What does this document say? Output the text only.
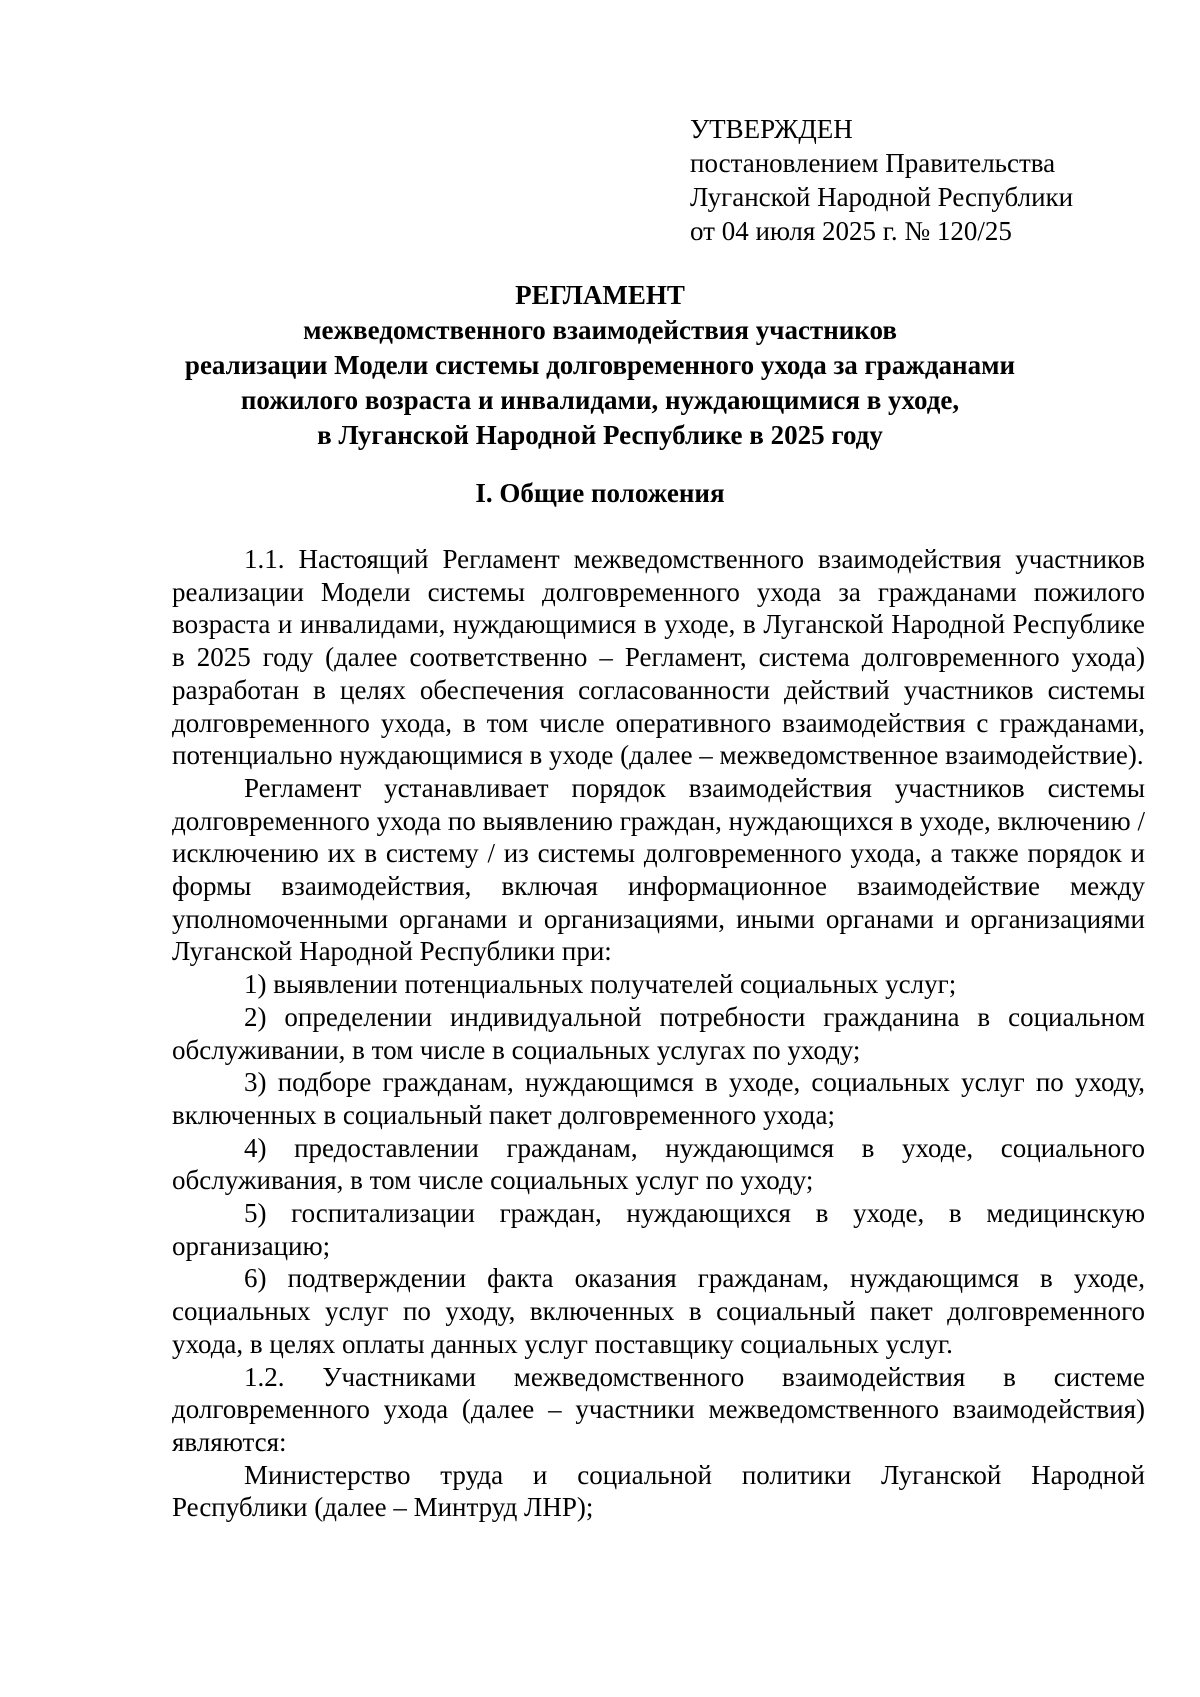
УТВЕРЖДЕН
постановлением Правительства
Луганской Народной Республики
от 04 июля 2025 г. № 120/25
РЕГЛАМЕНТ
межведомственного взаимодействия участников
реализации Модели системы долговременного ухода за гражданами
пожилого возраста и инвалидами, нуждающимися в уходе,
в Луганской Народной Республике в 2025 году
I. Общие положения

1.1. Настоящий Регламент межведомственного взаимодействия участников реализации Модели системы долговременного ухода за гражданами пожилого возраста и инвалидами, нуждающимися в уходе, в Луганской Народной Республике в 2025 году (далее соответственно – Регламент, система долговременного ухода) разработан в целях обеспечения согласованности действий участников системы долговременного ухода, в том числе оперативного взаимодействия с гражданами, потенциально нуждающимися в уходе (далее – межведомственное взаимодействие).

Регламент устанавливает порядок взаимодействия участников системы долговременного ухода по выявлению граждан, нуждающихся в уходе, включению / исключению их в систему / из системы долговременного ухода, а также порядок и формы взаимодействия, включая информационное взаимодействие между уполномоченными органами и организациями, иными органами и организациями Луганской Народной Республики при:

1) выявлении потенциальных получателей социальных услуг;

2) определении индивидуальной потребности гражданина в социальном обслуживании, в том числе в социальных услугах по уходу;

3) подборе гражданам, нуждающимся в уходе, социальных услуг по уходу, включенных в социальный пакет долговременного ухода;

4) предоставлении гражданам, нуждающимся в уходе, социального обслуживания, в том числе социальных услуг по уходу;

5) госпитализации граждан, нуждающихся в уходе, в медицинскую организацию;

6) подтверждении факта оказания гражданам, нуждающимся в уходе, социальных услуг по уходу, включенных в социальный пакет долговременного ухода, в целях оплаты данных услуг поставщику социальных услуг.

1.2. Участниками межведомственного взаимодействия в системе долговременного ухода (далее – участники межведомственного взаимодействия) являются:

Министерство труда и социальной политики Луганской Народной Республики (далее – Минтруд ЛНР);
